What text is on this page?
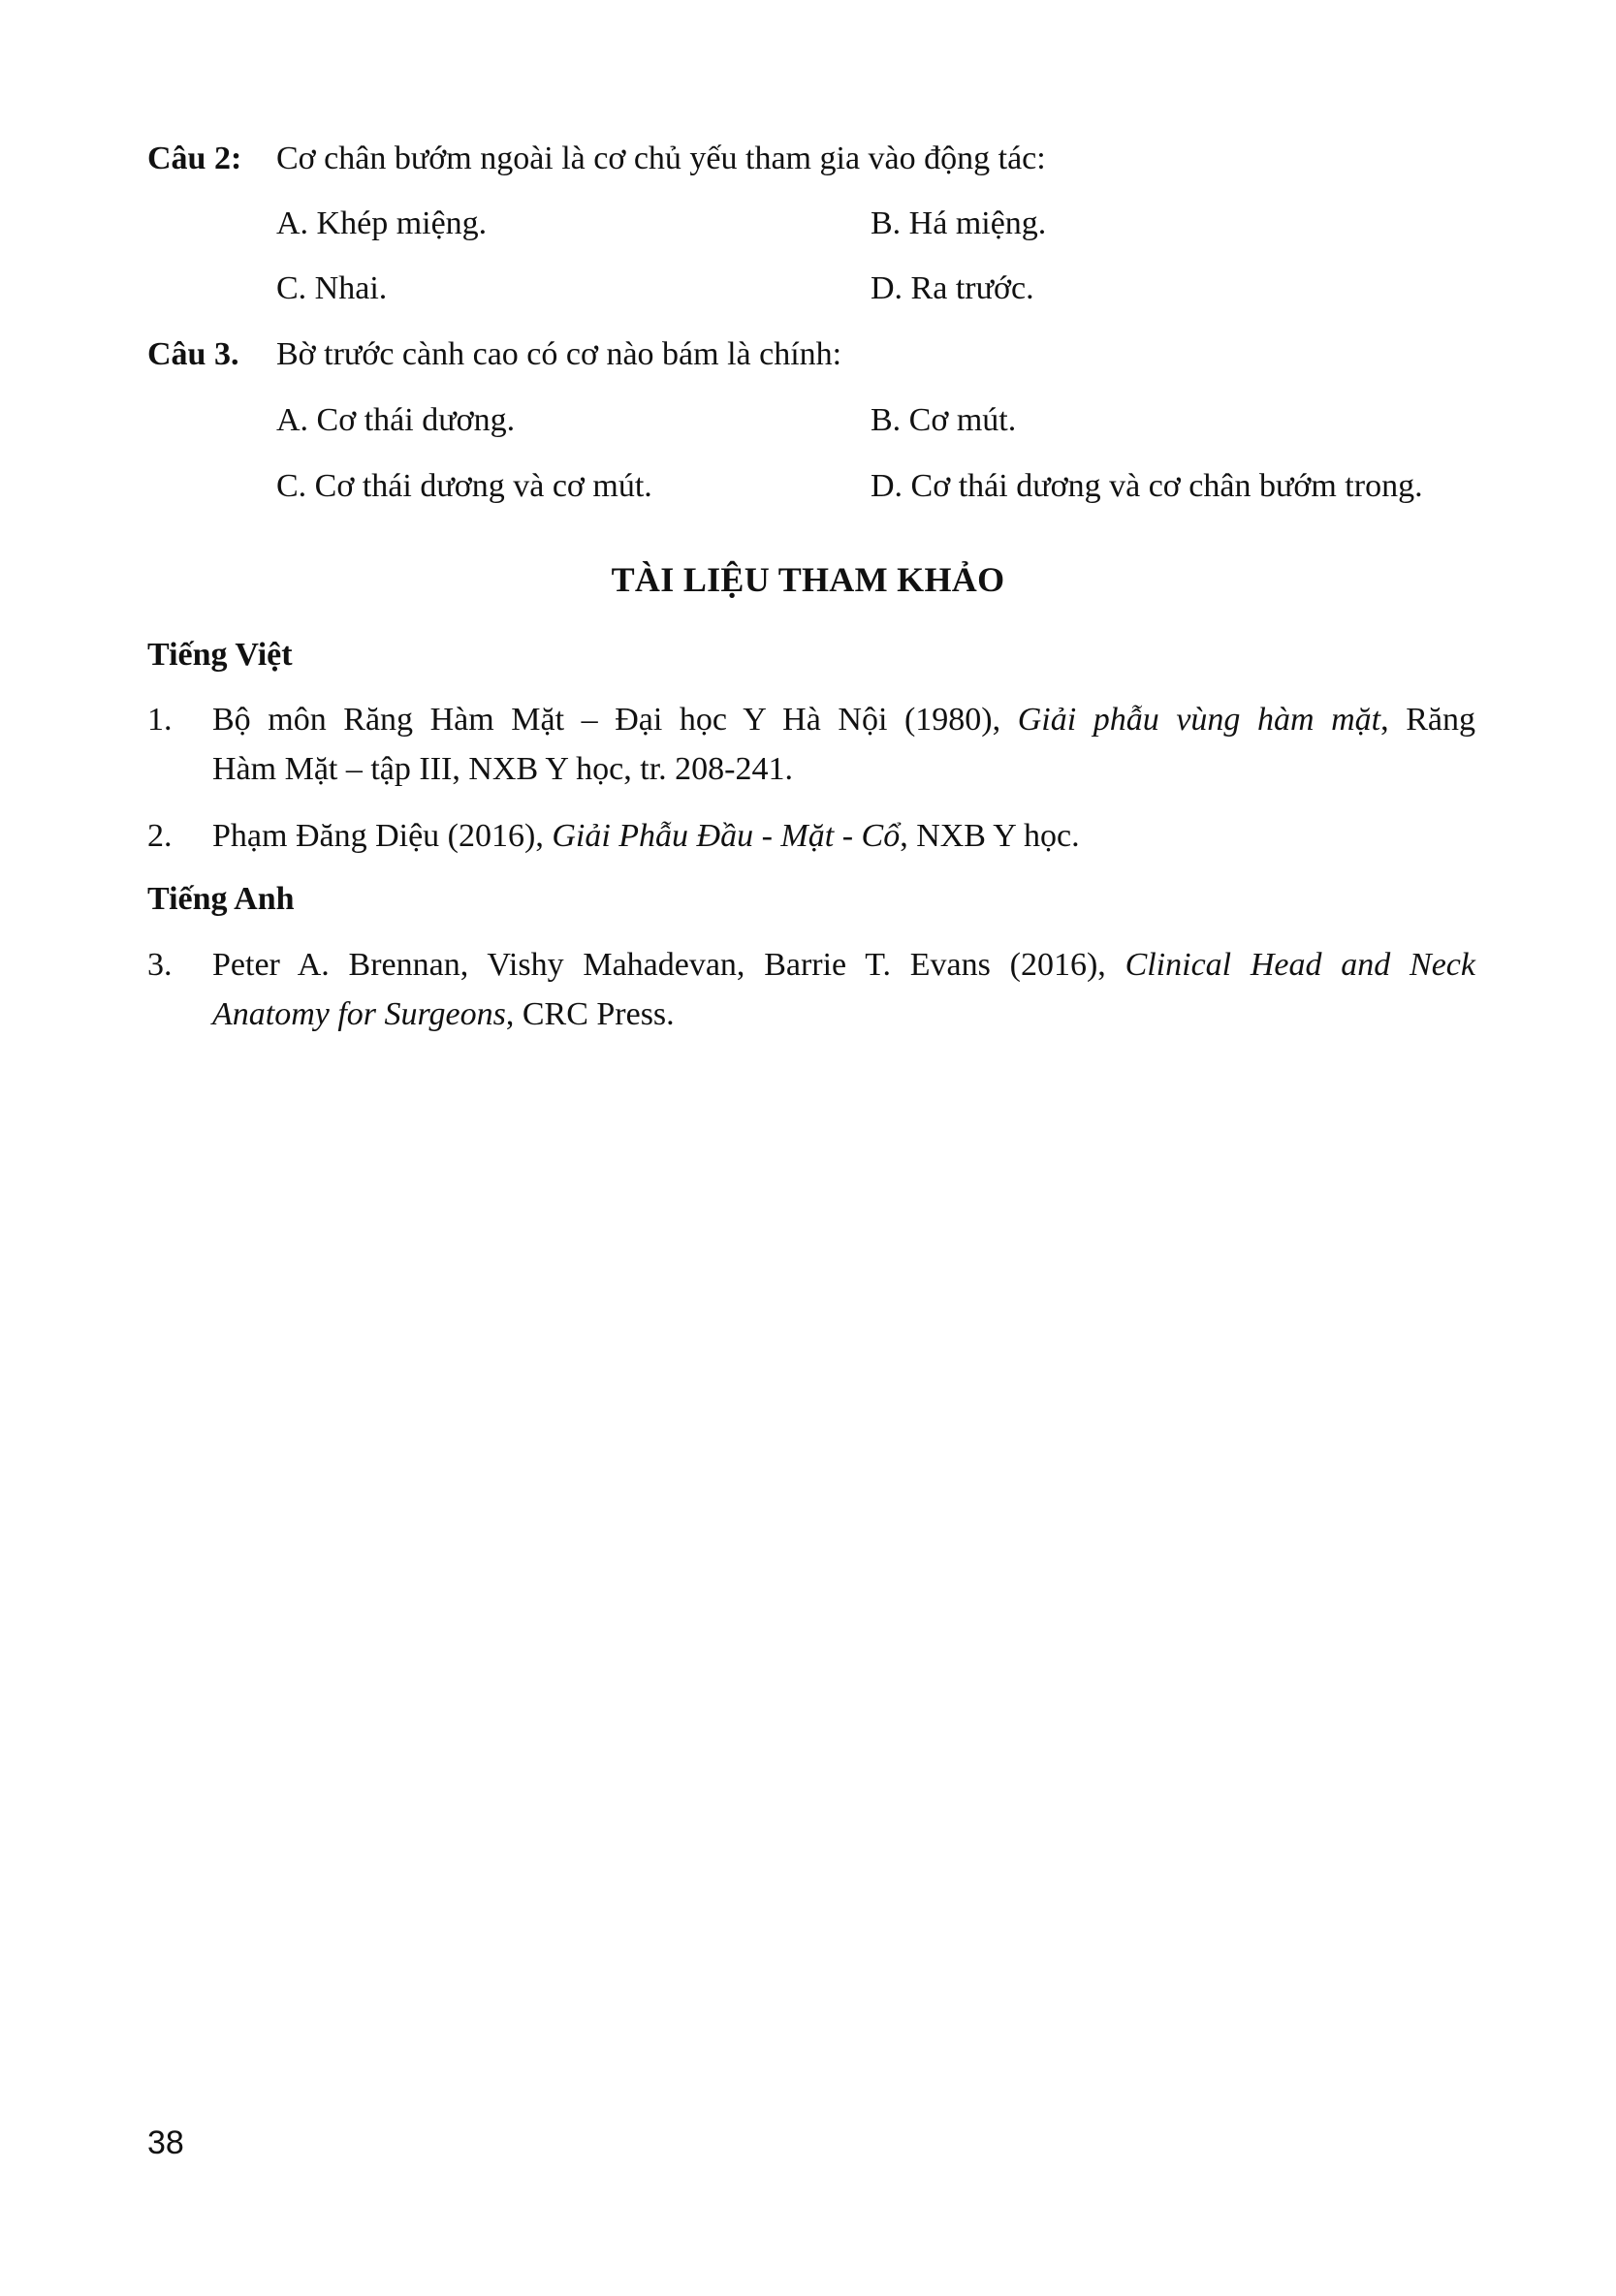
Câu 2: Cơ chân bướm ngoài là cơ chủ yếu tham gia vào động tác:
A. Khép miệng.	B. Há miệng.
C. Nhai.	D. Ra trước.
Câu 3. Bờ trước cành cao có cơ nào bám là chính:
A. Cơ thái dương.	B. Cơ mút.
C. Cơ thái dương và cơ mút.	D. Cơ thái dương và cơ chân bướm trong.
TÀI LIỆU THAM KHẢO
Tiếng Việt
1. Bộ môn Răng Hàm Mặt – Đại học Y Hà Nội (1980), Giải phẫu vùng hàm mặt, Răng
Hàm Mặt – tập III, NXB Y học, tr. 208-241.
2. Phạm Đăng Diệu (2016), Giải Phẫu Đầu - Mặt - Cổ, NXB Y học.
Tiếng Anh
3. Peter A. Brennan, Vishy Mahadevan, Barrie T. Evans (2016), Clinical Head and Neck
Anatomy for Surgeons, CRC Press.
38
